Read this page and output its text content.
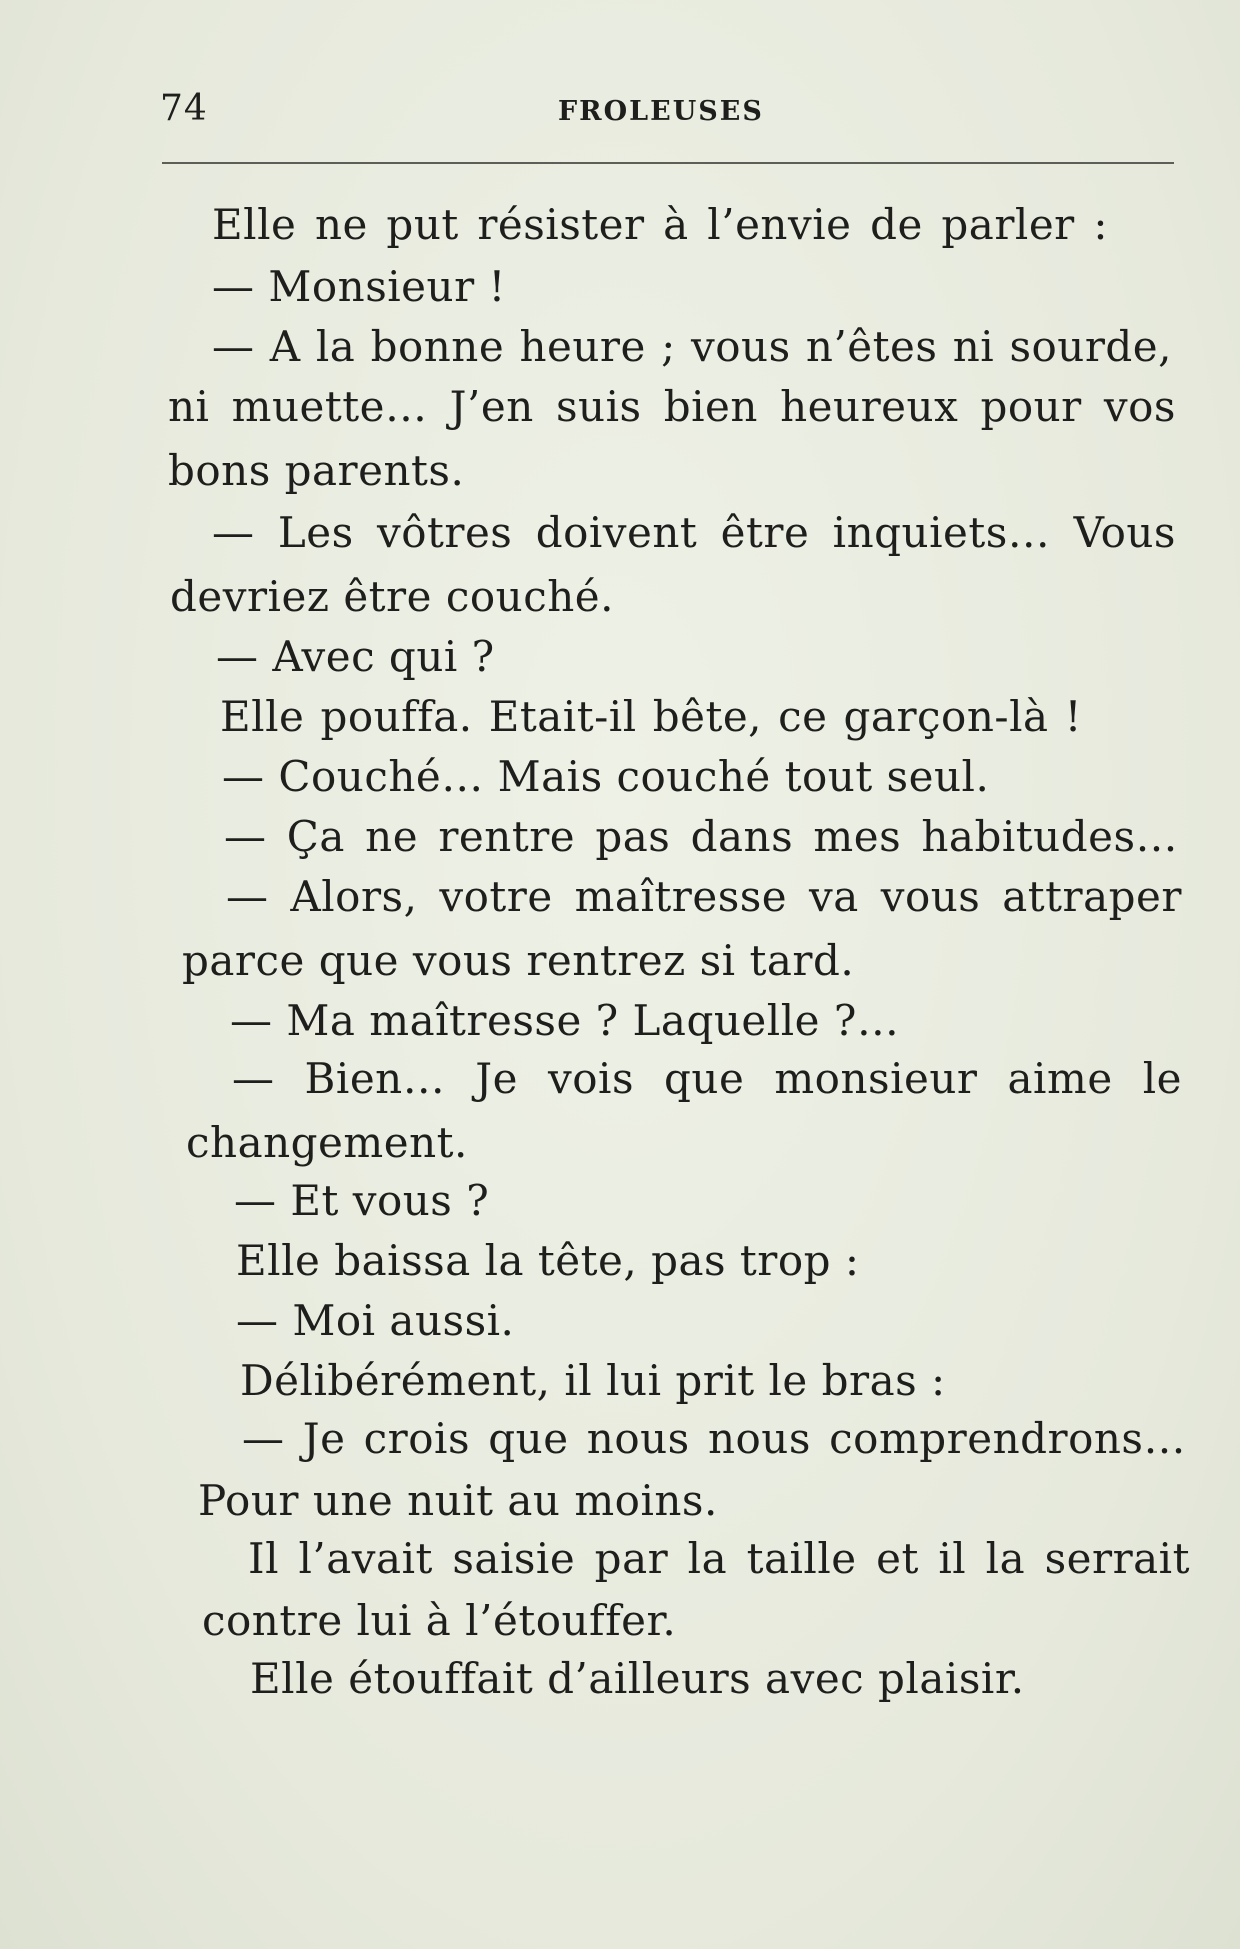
74	FROLEUSES
Elle ne put résister à l’envie de parler :
— Monsieur !
— A la bonne heure ; vous n’êtes ni sourde,
ni muette… J’en suis bien heureux pour vos
bons parents.
— Les vôtres doivent être inquiets… Vous
devriez être couché.
— Avec qui ?
Elle pouffa. Etait-il bête, ce garçon-là !
— Couché… Mais couché tout seul.
— Ça ne rentre pas dans mes habitudes…
— Alors, votre maîtresse va vous attraper
parce que vous rentrez si tard.
— Ma maîtresse ? Laquelle ?…
— Bien… Je vois que monsieur aime le
changement.
— Et vous ?
Elle baissa la tête, pas trop :
— Moi aussi.
Délibérément, il lui prit le bras :
— Je crois que nous nous comprendrons…
Pour une nuit au moins.
Il l’avait saisie par la taille et il la serrait
contre lui à l’étouffer.
Elle étouffait d’ailleurs avec plaisir.
